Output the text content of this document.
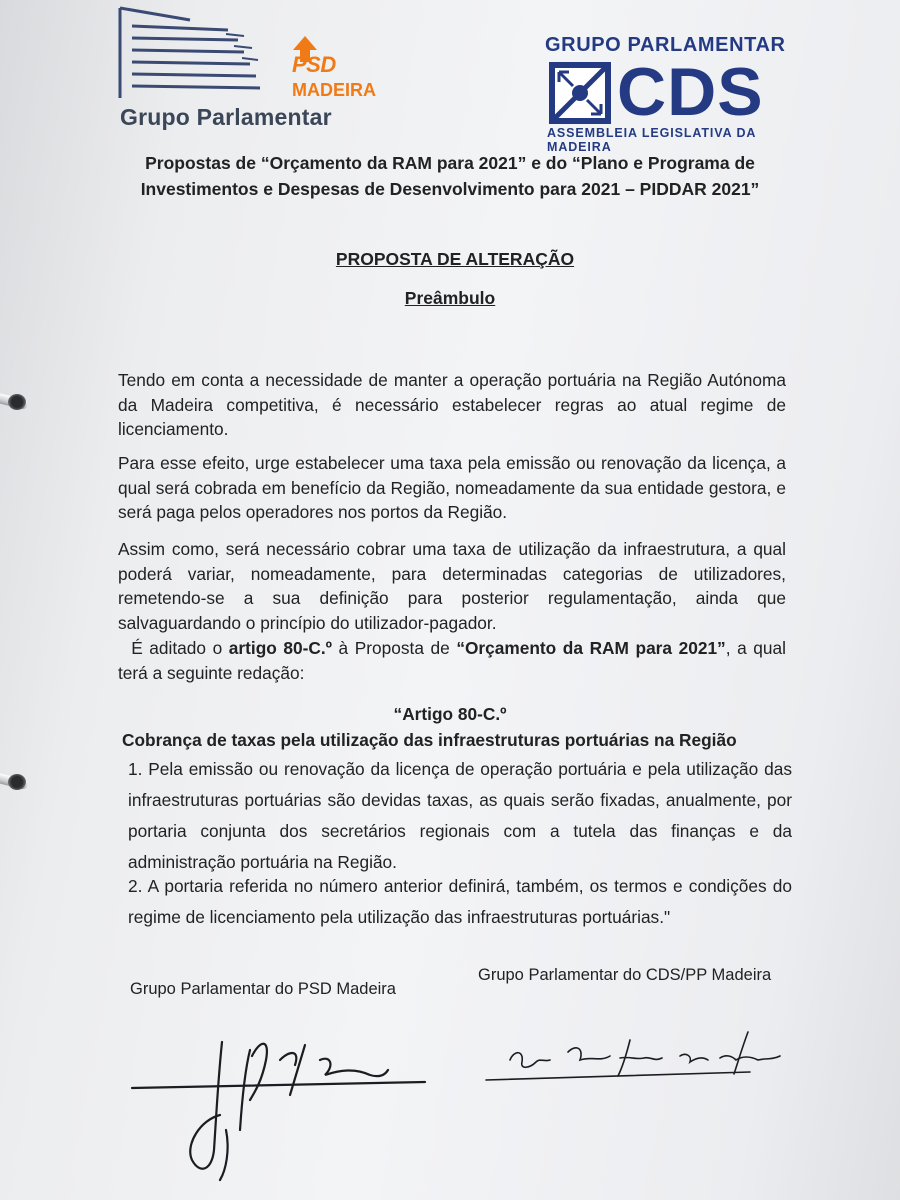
PSD
MADEIRA
Grupo Parlamentar
GRUPO PARLAMENTAR
CDS
ASSEMBLEIA LEGISLATIVA DA MADEIRA
Propostas de “Orçamento da RAM para 2021” e do “Plano e Programa de
Investimentos e Despesas de Desenvolvimento para 2021 – PIDDAR 2021”
PROPOSTA DE ALTERAÇÃO
Preâmbulo
Tendo em conta a necessidade de manter a operação portuária na Região Autónoma da Madeira competitiva, é necessário estabelecer regras ao atual regime de licenciamento.
Para esse efeito, urge estabelecer uma taxa pela emissão ou renovação da licença, a qual será cobrada em benefício da Região, nomeadamente da sua entidade gestora, e será paga pelos operadores nos portos da Região.
Assim como, será necessário cobrar uma taxa de utilização da infraestrutura, a qual poderá variar, nomeadamente, para determinadas categorias de utilizadores, remetendo-se a sua definição para posterior regulamentação, ainda que salvaguardando o princípio do utilizador-pagador.
É aditado o artigo 80-C.º à Proposta de “Orçamento da RAM para 2021”, a qual terá a seguinte redação:
“Artigo 80-C.º
Cobrança de taxas pela utilização das infraestruturas portuárias na Região
1. Pela emissão ou renovação da licença de operação portuária e pela utilização das infraestruturas portuárias são devidas taxas, as quais serão fixadas, anualmente, por portaria conjunta dos secretários regionais com a tutela das finanças e da administração portuária na Região.
2. A portaria referida no número anterior definirá, também, os termos e condições do regime de licenciamento pela utilização das infraestruturas portuárias."
Grupo Parlamentar do PSD Madeira
Grupo Parlamentar do CDS/PP Madeira
